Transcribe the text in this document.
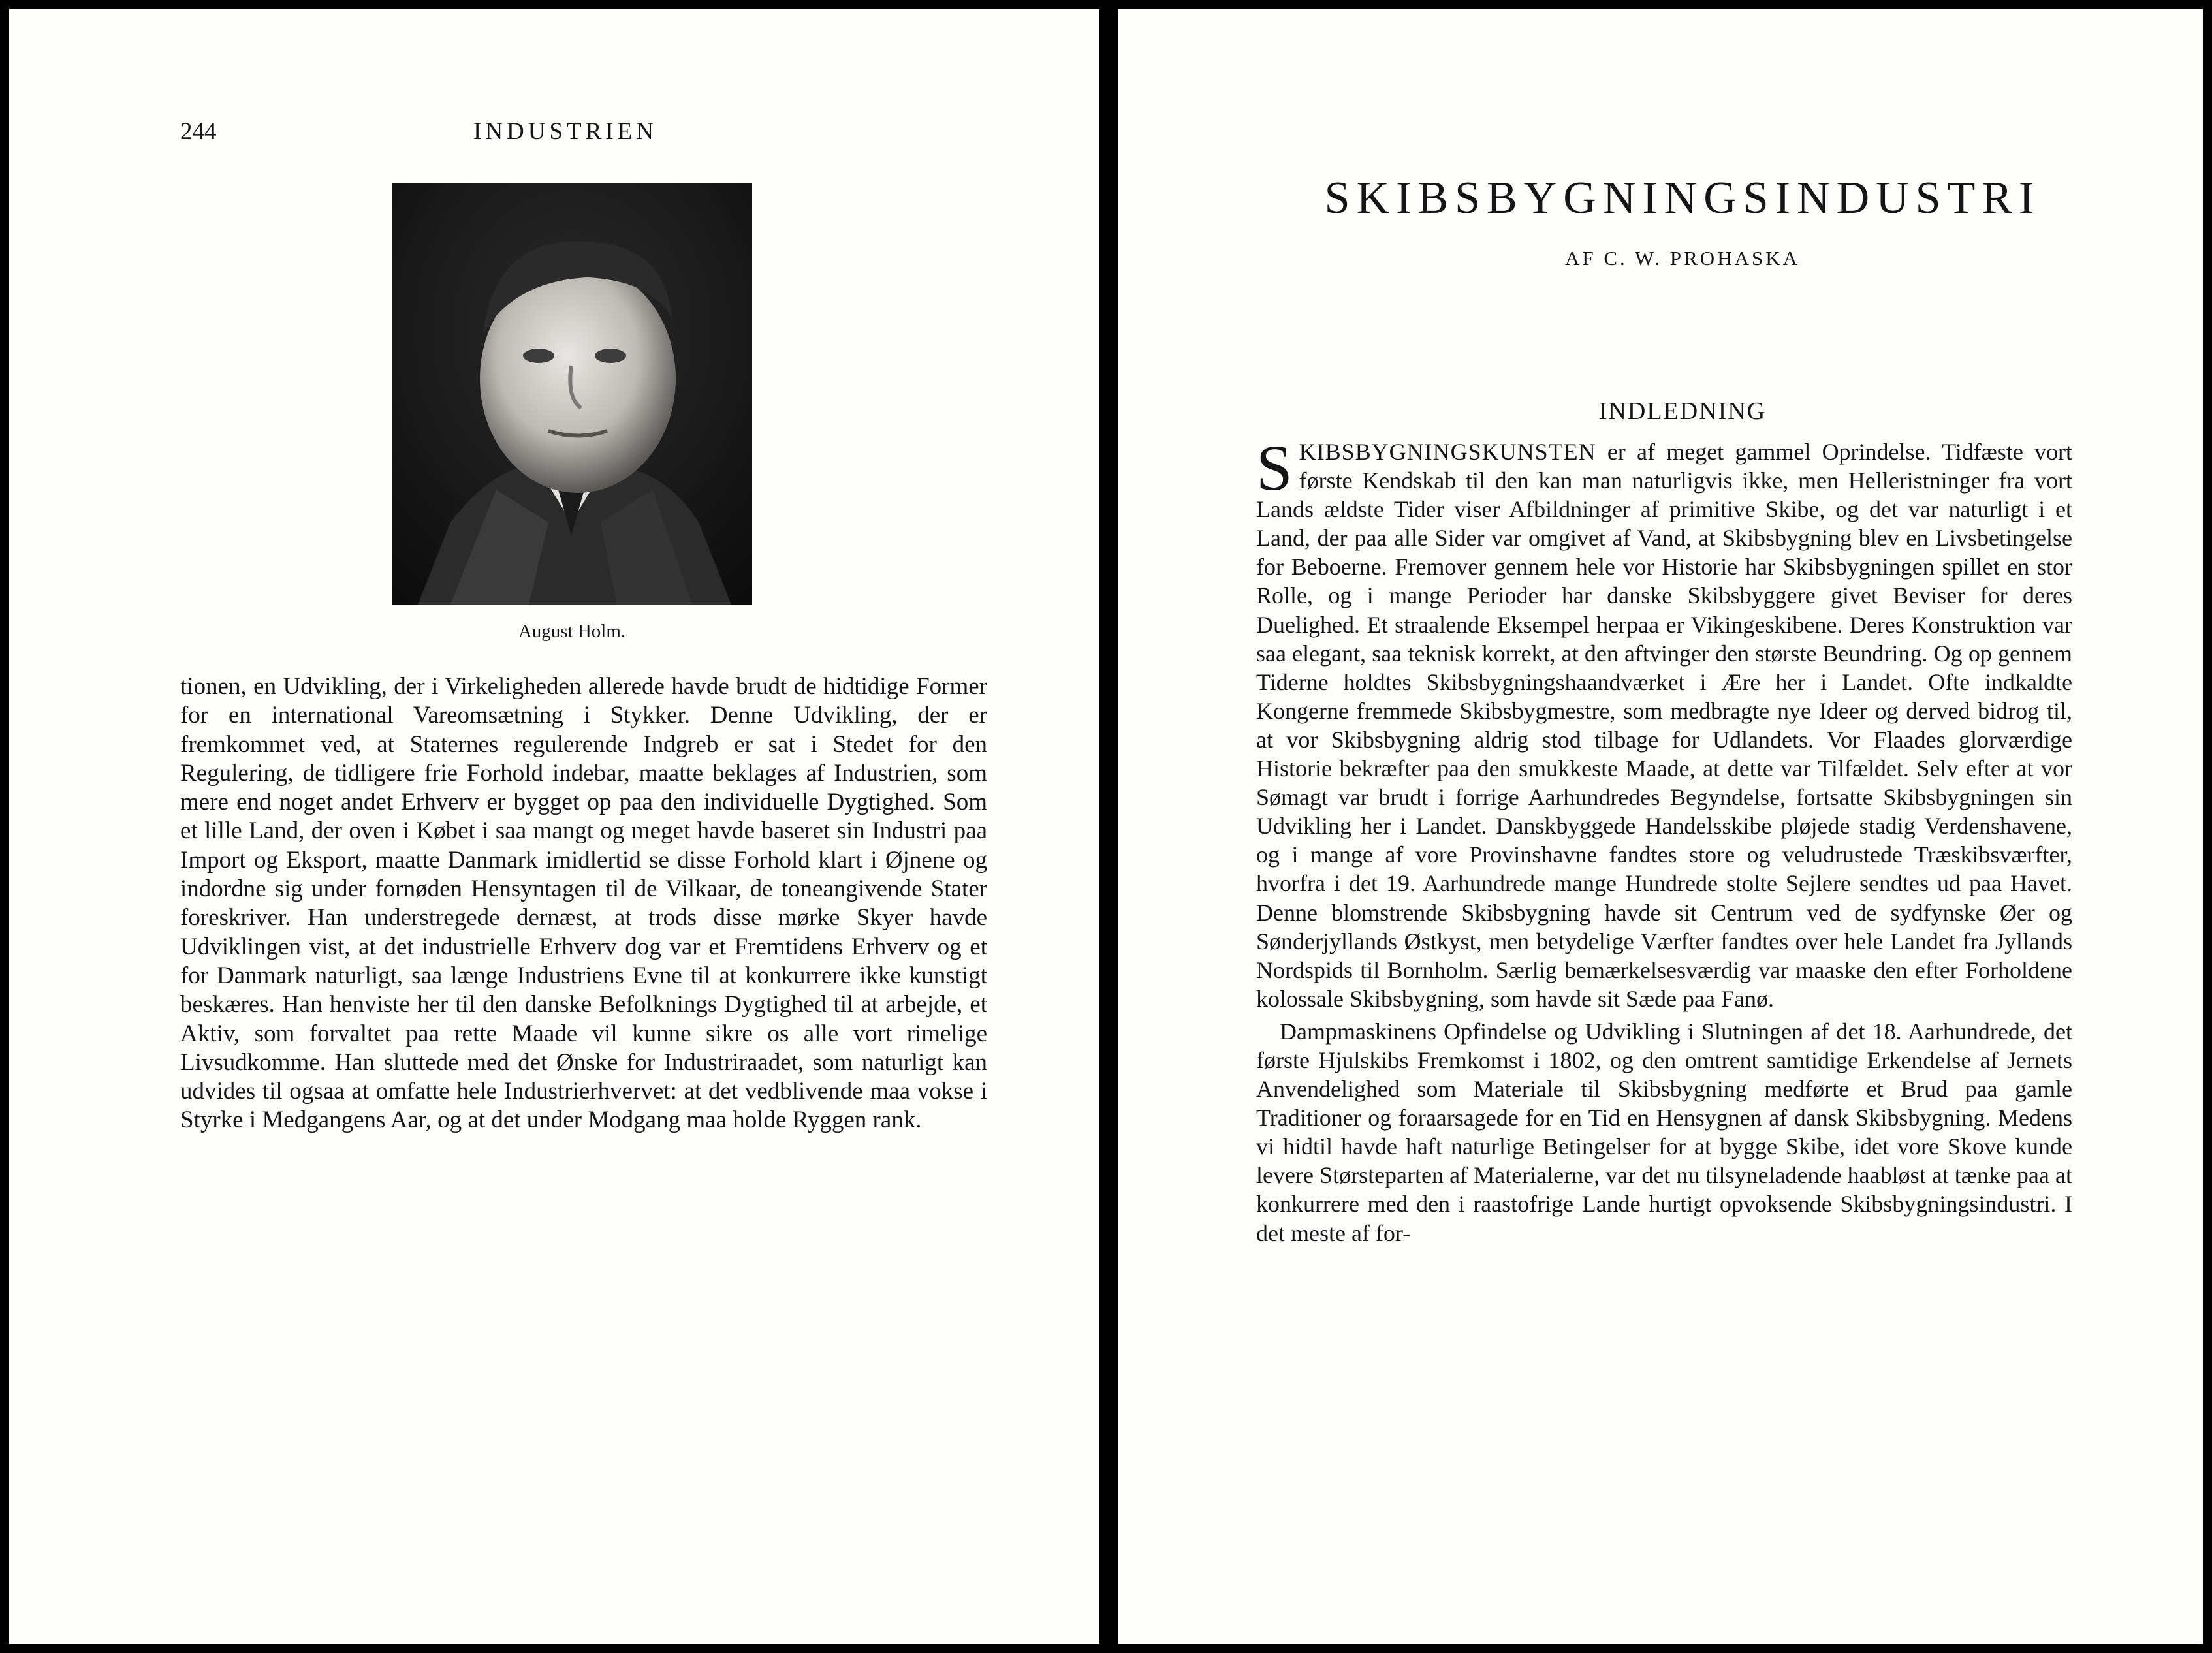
244	INDUSTRIEN
August Holm.

tionen, en Udvikling, der i Virkeligheden allerede havde brudt de hidtidige Former for en international Vareomsætning i Stykker. Denne Udvikling, der er fremkommet ved, at Staternes regulerende Indgreb er sat i Stedet for den Regulering, de tidligere frie Forhold indebar, maatte beklages af Industrien, som mere end noget andet Erhverv er bygget op paa den individuelle Dygtighed. Som et lille Land, der oven i Købet i saa mangt og meget havde baseret sin Industri paa Import og Eksport, maatte Danmark imidlertid se disse Forhold klart i Øjnene og indordne sig under fornøden Hensyntagen til de Vilkaar, de toneangivende Stater foreskriver. Han understregede dernæst, at trods disse mørke Skyer havde Udviklingen vist, at det industrielle Erhverv dog var et Fremtidens Erhverv og et for Danmark naturligt, saa længe Industriens Evne til at konkurrere ikke kunstigt beskæres. Han henviste her til den danske Befolknings Dygtighed til at arbejde, et Aktiv, som forvaltet paa rette Maade vil kunne sikre os alle vort rimelige Livsudkomme. Han sluttede med det Ønske for Industriraadet, som naturligt kan udvides til ogsaa at omfatte hele Industrierhvervet: at det vedblivende maa vokse i Styrke i Medgangens Aar, og at det under Modgang maa holde Ryggen rank.

SKIBSBYGNINGSINDUSTRI
AF C. W. PROHASKA
INDLEDNING

SKIBSBYGNINGSKUNSTEN er af meget gammel Oprindelse. Tidfæste vort første Kendskab til den kan man naturligvis ikke, men Helleristninger fra vort Lands ældste Tider viser Afbildninger af primitive Skibe, og det var naturligt i et Land, der paa alle Sider var omgivet af Vand, at Skibsbygning blev en Livsbetingelse for Beboerne. Fremover gennem hele vor Historie har Skibsbygningen spillet en stor Rolle, og i mange Perioder har danske Skibsbyggere givet Beviser for deres Duelighed. Et straalende Eksempel herpaa er Vikingeskibene. Deres Konstruktion var saa elegant, saa teknisk korrekt, at den aftvinger den største Beundring. Og op gennem Tiderne holdtes Skibsbygningshaandværket i Ære her i Landet. Ofte indkaldte Kongerne fremmede Skibsbygmestre, som medbragte nye Ideer og derved bidrog til, at vor Skibsbygning aldrig stod tilbage for Udlandets. Vor Flaades glorværdige Historie bekræfter paa den smukkeste Maade, at dette var Tilfældet. Selv efter at vor Sømagt var brudt i forrige Aarhundredes Begyndelse, fortsatte Skibsbygningen sin Udvikling her i Landet. Danskbyggede Handelsskibe pløjede stadig Verdenshavene, og i mange af vore Provinshavne fandtes store og veludrustede Træskibsværfter, hvorfra i det 19. Aarhundrede mange Hundrede stolte Sejlere sendtes ud paa Havet. Denne blomstrende Skibsbygning havde sit Centrum ved de sydfynske Øer og Sønderjyllands Østkyst, men betydelige Værfter fandtes over hele Landet fra Jyllands Nordspids til Bornholm. Særlig bemærkelsesværdig var maaske den efter Forholdene kolossale Skibsbygning, som havde sit Sæde paa Fanø.

Dampmaskinens Opfindelse og Udvikling i Slutningen af det 18. Aarhundrede, det første Hjulskibs Fremkomst i 1802, og den omtrent samtidige Erkendelse af Jernets Anvendelighed som Materiale til Skibsbygning medførte et Brud paa gamle Traditioner og foraarsagede for en Tid en Hensygnen af dansk Skibsbygning. Medens vi hidtil havde haft naturlige Betingelser for at bygge Skibe, idet vore Skove kunde levere Størsteparten af Materialerne, var det nu tilsyneladende haabløst at tænke paa at konkurrere med den i raastofrige Lande hurtigt opvoksende Skibsbygningsindustri. I det meste af for-
